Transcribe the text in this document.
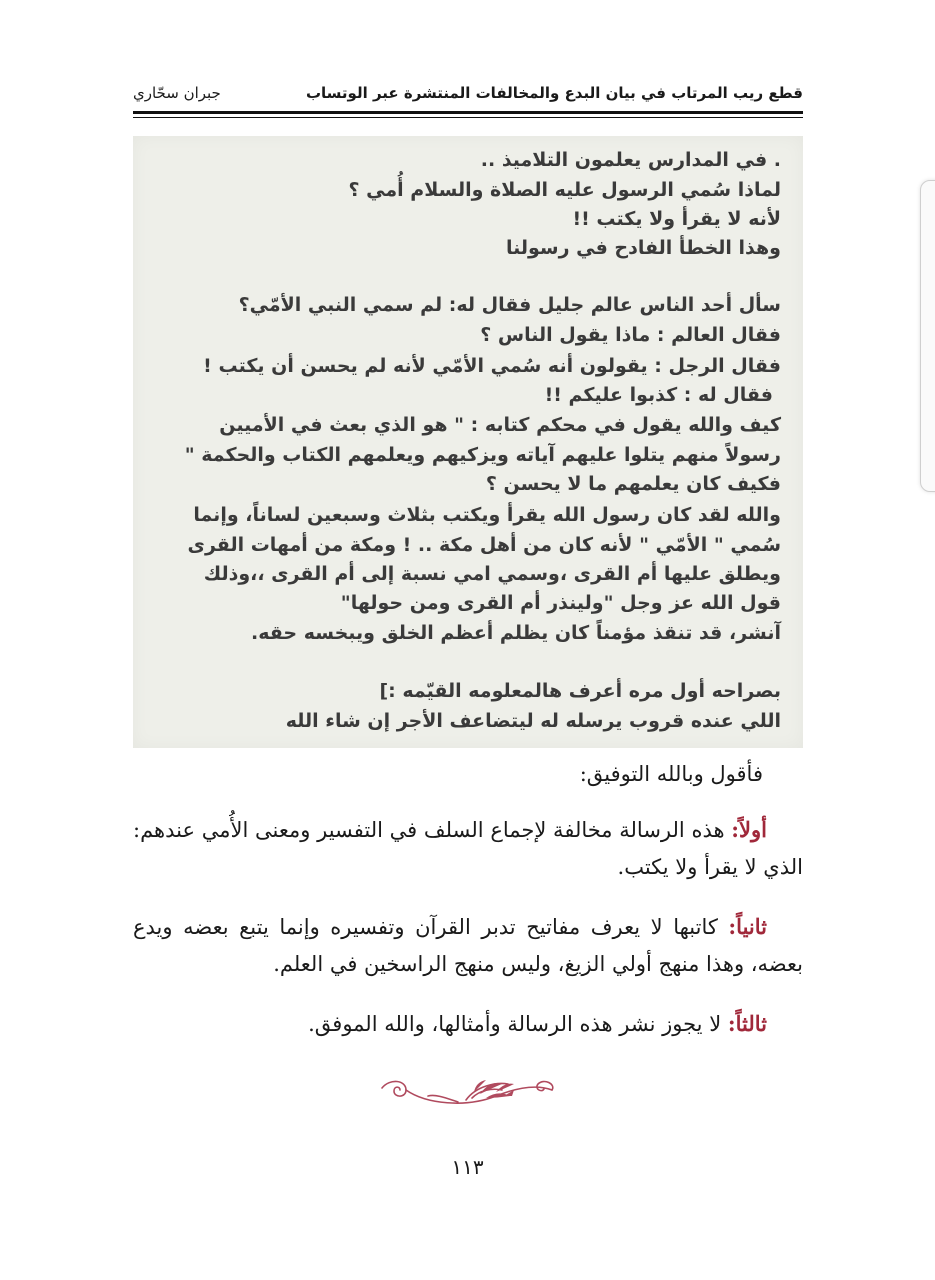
قطع ريب المرتاب في بيان البدع والمخالفات المنتشرة عبر الوتساب
جبران سحّاري
. في المدارس يعلمون التلاميذ ..
لماذا سُمي الرسول عليه الصلاة والسلام أُمي ؟
لأنه لا يقرأ ولا يكتب !!
وهذا الخطأ الفادح في رسولنا
سأل أحد الناس عالم جليل فقال له: لم سمي النبي الأمّي؟
فقال العالم : ماذا يقول الناس ؟
فقال الرجل : يقولون أنه سُمي الأمّي لأنه لم يحسن أن يكتب !
فقال له : كذبوا عليكم !!
كيف والله يقول في محكم كتابه : " هو الذي بعث في الأميين
رسولاً منهم يتلوا عليهم آياته ويزكيهم ويعلمهم الكتاب والحكمة "
فكيف كان يعلمهم ما لا يحسن ؟
والله لقد كان رسول الله يقرأ ويكتب بثلاث وسبعين لساناً، وإنما
سُمي " الأمّي " لأنه كان من أهل مكة .. ! ومكة من أمهات القرى
ويطلق عليها أم القرى ،وسمي امي نسبة إلى أم القرى ،،وذلك
قول الله عز وجل "ولينذر أم القرى ومن حولها"
آنشر، قد تنقذ مؤمناً كان يظلم أعظم الخلق ويبخسه حقه.
بصراحه أول مره أعرف هالمعلومه القيّمه :]
اللي عنده قروب يرسله له ليتضاعف الأجر إن شاء الله
فأقول وبالله التوفيق:
أولاً: هذه الرسالة مخالفة لإجماع السلف في التفسير ومعنى الأُمي عندهم: الذي لا يقرأ ولا يكتب.
ثانياً: كاتبها لا يعرف مفاتيح تدبر القرآن وتفسيره وإنما يتبع بعضه ويدع بعضه، وهذا منهج أولي الزيغ، وليس منهج الراسخين في العلم.
ثالثاً: لا يجوز نشر هذه الرسالة وأمثالها، والله الموفق.
١١٣
